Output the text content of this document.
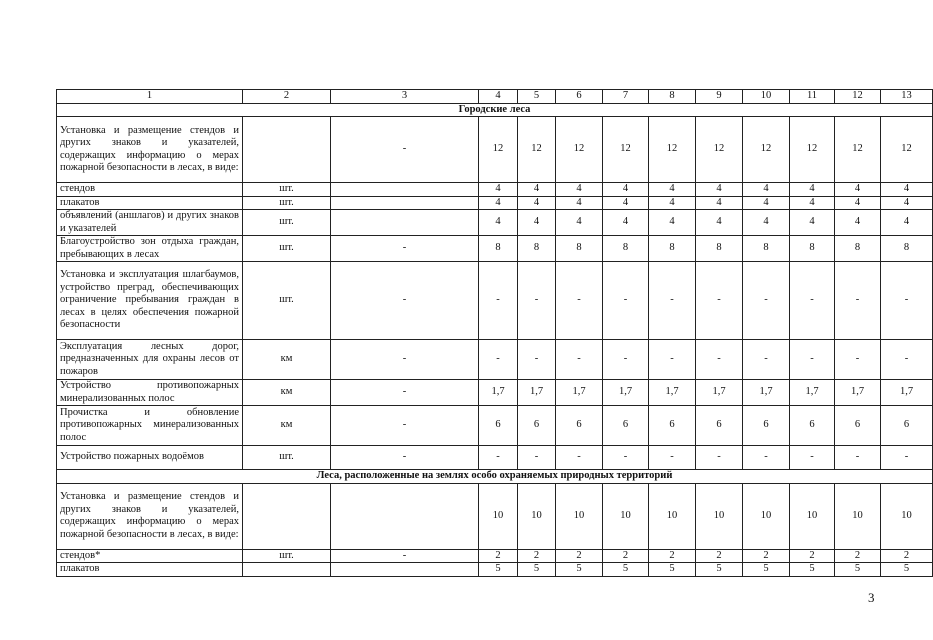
1	2	3	4	5	6	7	8	9	10	11	12	13
Городские леса												
Установка и размещение стендов и других знаков и указателей, содержащих информацию о мерах пожарной безопасности в лесах, в виде:		-	12	12	12	12	12	12	12	12	12	12
стендов	шт.		4	4	4	4	4	4	4	4	4	4
плакатов	шт.		4	4	4	4	4	4	4	4	4	4
объявлений (аншлагов) и других знаков и указателей	шт.		4	4	4	4	4	4	4	4	4	4
Благоустройство зон отдыха граждан, пребывающих в лесах	шт.	-	8	8	8	8	8	8	8	8	8	8
Установка и эксплуатация шлагбаумов, устройство преград, обеспечивающих ограничение пребывания граждан в лесах в целях обеспечения пожарной безопасности	шт.	-	-	-	-	-	-	-	-	-	-	-
Эксплуатация лесных дорог, предназначенных для охраны лесов от пожаров	км	-	-	-	-	-	-	-	-	-	-	-
Устройство противопожарных минерализованных полос	км	-	1,7	1,7	1,7	1,7	1,7	1,7	1,7	1,7	1,7	1,7
Прочистка и обновление противопожарных минерализованных полос	км	-	6	6	6	6	6	6	6	6	6	6
Устройство пожарных водоёмов	шт.	-	-	-	-	-	-	-	-	-	-	-
Леса, расположенные на землях особо охраняемых природных территорий												
Установка и размещение стендов и других знаков и указателей, содержащих информацию о мерах пожарной безопасности в лесах, в виде:			10	10	10	10	10	10	10	10	10	10
стендов*	шт.	-	2	2	2	2	2	2	2	2	2	2
плакатов			5	5	5	5	5	5	5	5	5	5
3
